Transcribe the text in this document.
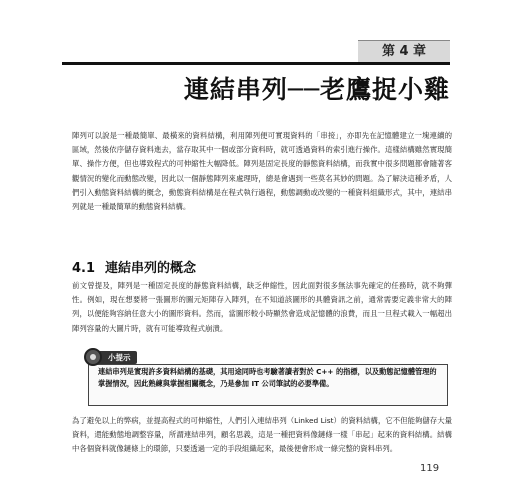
第 4 章
連結串列──老鷹捉小雞

陣列可以說是一種最簡單、最橫來的資料結構，利用陣列便可實現資料的「串接」，亦即先在記憶體建立一塊連續的區域，然後依序儲存資料進去，當存取其中一個或部分資料時，就可透過資料的索引進行操作。這樣結構雖然實現簡單、操作方便，但也導致程式的可伸縮性大幅降低。陣列是固定長度的靜態資料結構，而我實中很多問題都會隨著客觀情況的變化而動態改變，因此以一個靜態陣列來處理時，總是會遇到一些莫名其妙的問題。為了解決這種矛盾，人們引入動態資料結構的概念，動態資料結構是在程式執行過程，動態調動或改變的一種資料組織形式，其中，連結串列就是一種最簡單的動態資料結構。

4.1 連結串列的概念

前文曾提及，陣列是一種固定長度的靜態資料結構，缺乏伸縮性，因此面對很多無法事先確定的任務時，就不夠彈性。例如，現在想要將一張圖形的圖元矩陣存入陣列，在不知道該圖形的具體資訊之前，通常需要定義非常大的陣列，以便能夠容納任意大小的圖形資料。然而，當圖形較小時顯然會造成記憶體的浪費，而且一旦程式載入一幅超出陣列容量的大圖片時，就有可能導致程式崩潰。

小提示

連結串列是實現許多資料結構的基礎，其用途同時也考驗著讀者對於 C++ 的指標，以及動態記憶體管理的掌握情況，因此熟練與掌握相關概念，乃是參加 IT 公司筆試的必要準備。

為了避免以上的弊病，並提高程式的可伸縮性，人們引入連結串列（Linked List）的資料結構，它不但能夠儲存大量資料，還能動態地調整容量，所謂連結串列，顧名思義，這是一種把資料像鏈條一樣「串起」起來的資料結構。結構中各個資料就像鏈條上的環節，只要透過一定的手段組織起來，最後便會形成一條完整的資料串列。

119
